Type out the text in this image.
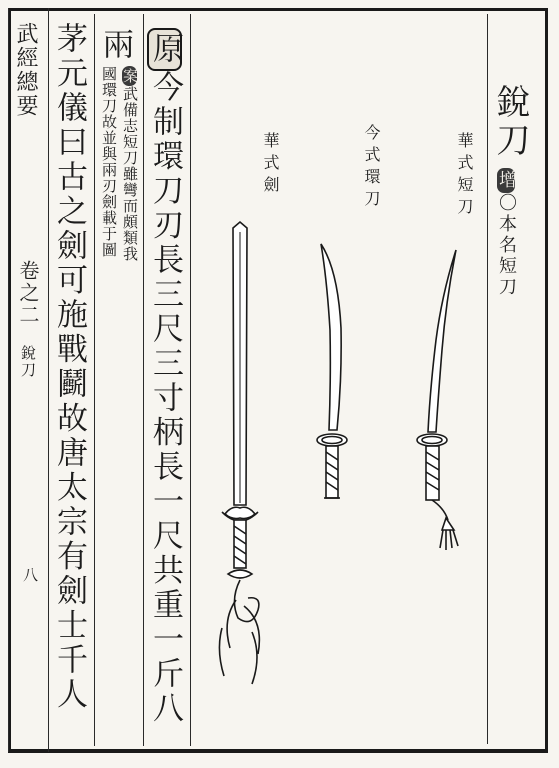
武經總要
卷之二
銳刀
八
原今制環刀刃長三尺三寸柄長一尺共重一斤八
兩
案武備志短刀雖彎而頗類我
國環刀故並與兩刃劍載于圖
茅元儀曰古之劍可施戰鬬故唐太宗有劍士千人	銳刀
增〇本名短刀
華式劍	今式環刀	華式短刀
